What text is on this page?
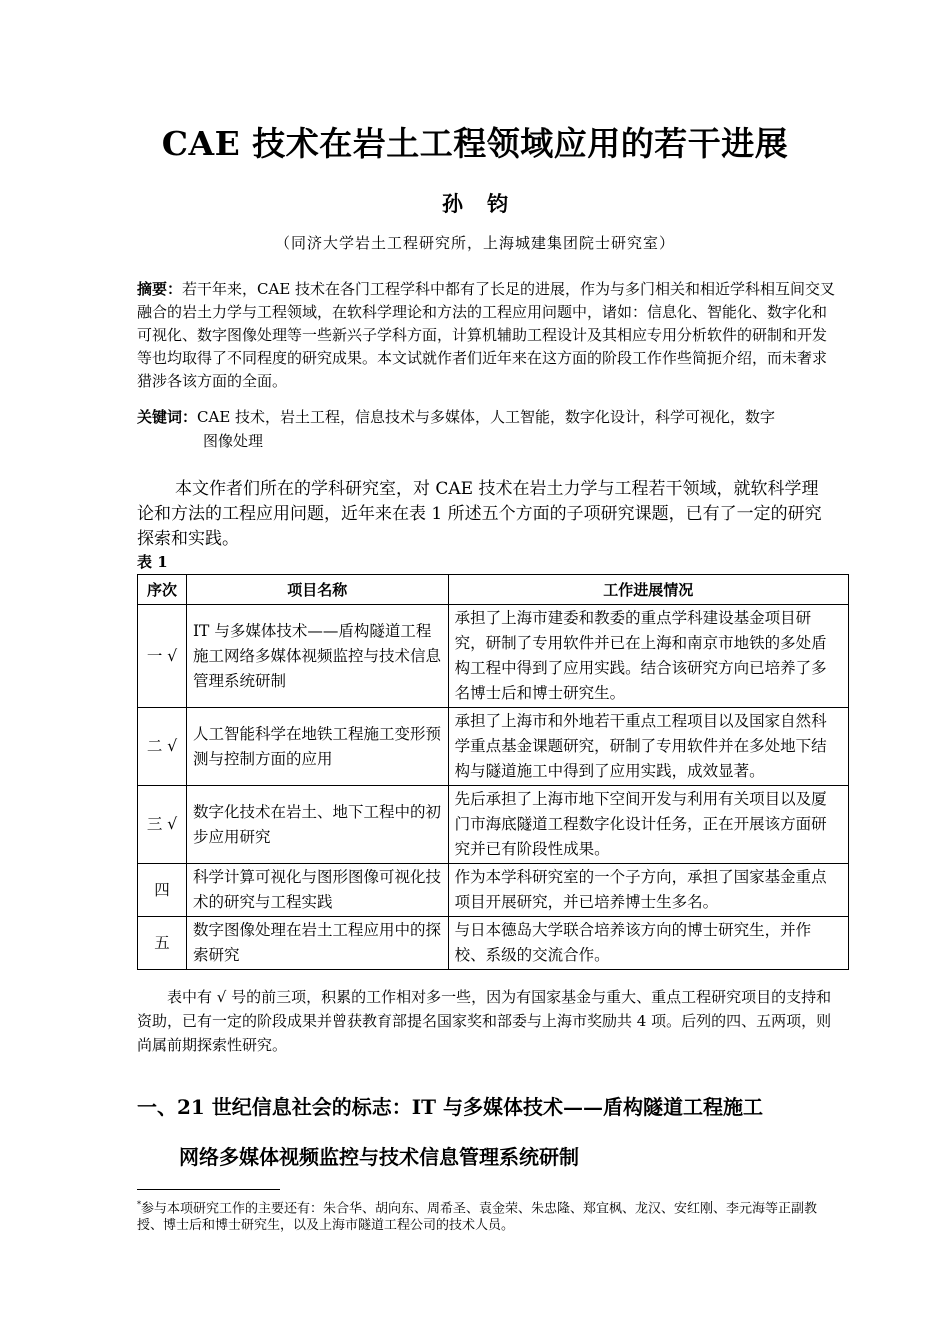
CAE 技术在岩土工程领域应用的若干进展
孙 钧
（同济大学岩土工程研究所，上海城建集团院士研究室）
摘要：若干年来，CAE 技术在各门工程学科中都有了长足的进展，作为与多门相关和相近学科相互间交叉融合的岩土力学与工程领域，在软科学理论和方法的工程应用问题中，诸如：信息化、智能化、数字化和可视化、数字图像处理等一些新兴子学科方面，计算机辅助工程设计及其相应专用分析软件的研制和开发等也均取得了不同程度的研究成果。本文试就作者们近年来在这方面的阶段工作作些简扼介绍，而未奢求猎涉各该方面的全面。
关键词：CAE 技术，岩土工程，信息技术与多媒体，人工智能，数字化设计，科学可视化，数字
图像处理
本文作者们所在的学科研究室，对 CAE 技术在岩土力学与工程若干领域，就软科学理论和方法的工程应用问题，近年来在表 1 所述五个方面的子项研究课题，已有了一定的研究探索和实践。
表 1
序次	项目名称	工作进展情况
一 √	IT 与多媒体技术——盾构隧道工程施工网络多媒体视频监控与技术信息管理系统研制	承担了上海市建委和教委的重点学科建设基金项目研究，研制了专用软件并已在上海和南京市地铁的多处盾构工程中得到了应用实践。结合该研究方向已培养了多名博士后和博士研究生。
二 √	人工智能科学在地铁工程施工变形预测与控制方面的应用	承担了上海市和外地若干重点工程项目以及国家自然科学重点基金课题研究，研制了专用软件并在多处地下结构与隧道施工中得到了应用实践，成效显著。
三 √	数字化技术在岩土、地下工程中的初步应用研究	先后承担了上海市地下空间开发与利用有关项目以及厦门市海底隧道工程数字化设计任务，正在开展该方面研究并已有阶段性成果。
四	科学计算可视化与图形图像可视化技术的研究与工程实践	作为本学科研究室的一个子方向，承担了国家基金重点项目开展研究，并已培养博士生多名。
五	数字图像处理在岩土工程应用中的探索研究	与日本德岛大学联合培养该方向的博士研究生，并作校、系级的交流合作。
表中有 √ 号的前三项，积累的工作相对多一些，因为有国家基金与重大、重点工程研究项目的支持和资助，已有一定的阶段成果并曾获教育部提名国家奖和部委与上海市奖励共 4 项。后列的四、五两项，则尚属前期探索性研究。
一、21 世纪信息社会的标志：IT 与多媒体技术——盾构隧道工程施工
网络多媒体视频监控与技术信息管理系统研制
*参与本项研究工作的主要还有：朱合华、胡向东、周希圣、袁金荣、朱忠隆、郑宜枫、龙汉、安红刚、李元海等正副教授、博士后和博士研究生，以及上海市隧道工程公司的技术人员。
